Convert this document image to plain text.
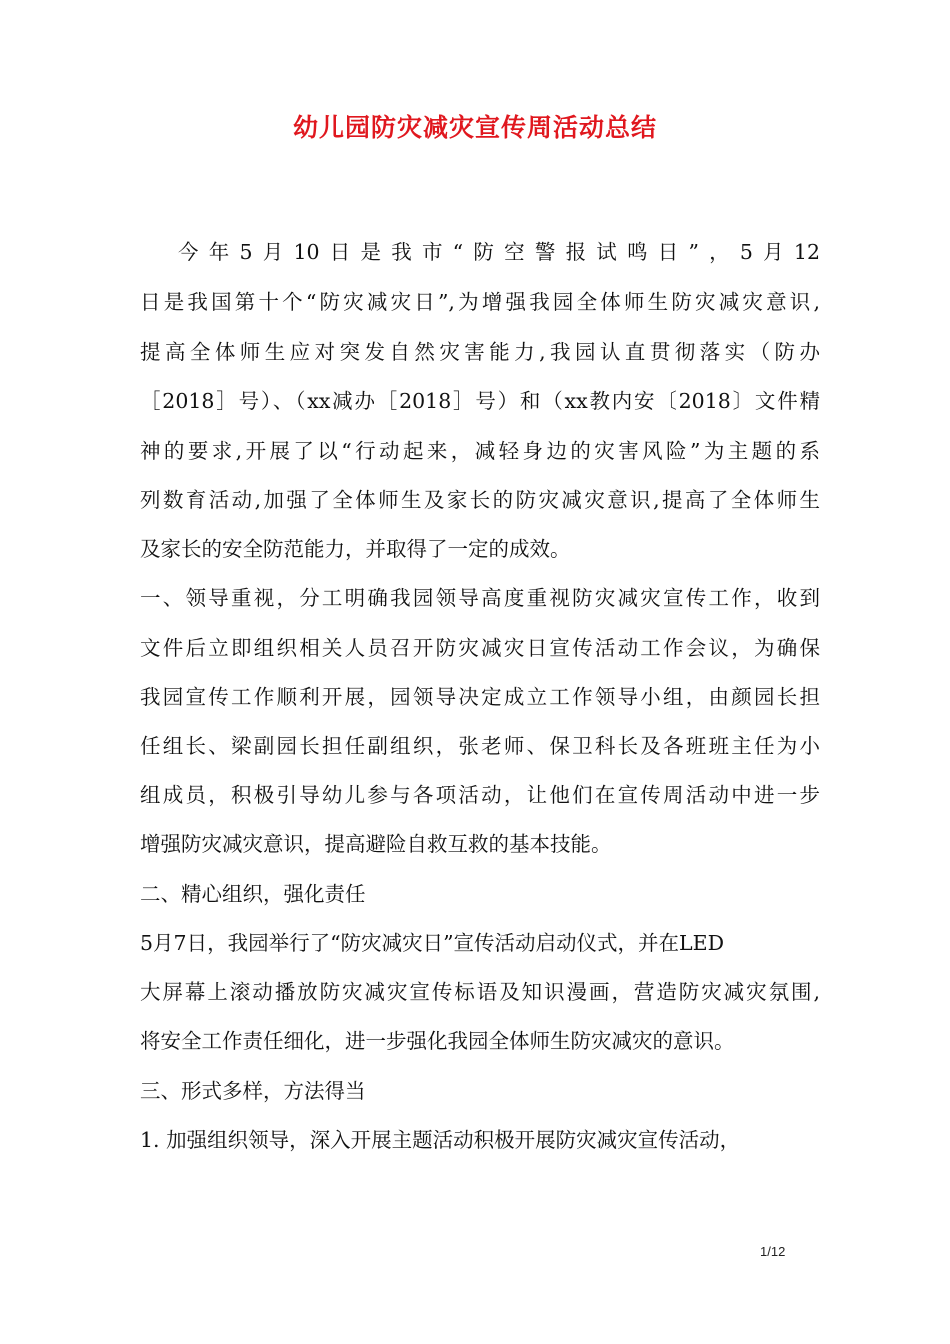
幼儿园防灾减灾宣传周活动总结
今年5月10日是我市“防空警报试鸣日”，5月12
日是我国第十个“防灾减灾日”,为增强我园全体师生防灾减灾意识,
提高全体师生应对突发自然灾害能力,我园认直贯彻落实（防办
［2018］号）、（xx减办［2018］号）和（xx教内安〔2018〕文件精
神的要求,开展了以“行动起来，减轻身边的灾害风险”为主题的系
列数育活动,加强了全体师生及家长的防灾减灾意识,提高了全体师生
及家长的安全防范能力，并取得了一定的成效。
一、领导重视，分工明确我园领导高度重视防灾减灾宣传工作，收到
文件后立即组织相关人员召开防灾减灾日宣传活动工作会议，为确保
我园宣传工作顺利开展，园领导决定成立工作领导小组，由颜园长担
任组长、梁副园长担任副组织，张老师、保卫科长及各班班主任为小
组成员，积极引导幼儿参与各项活动，让他们在宣传周活动中进一步
增强防灾减灾意识，提高避险自救互救的基本技能。
二、精心组织，强化责任
5月7日，我园举行了“防灾减灾日”宣传活动启动仪式，并在LED
大屏幕上滚动播放防灾减灾宣传标语及知识漫画，营造防灾减灾氛围,
将安全工作责任细化，进一步强化我园全体师生防灾减灾的意识。
三、形式多样，方法得当
1. 加强组织领导，深入开展主题活动积极开展防灾减灾宣传活动，
1/12
